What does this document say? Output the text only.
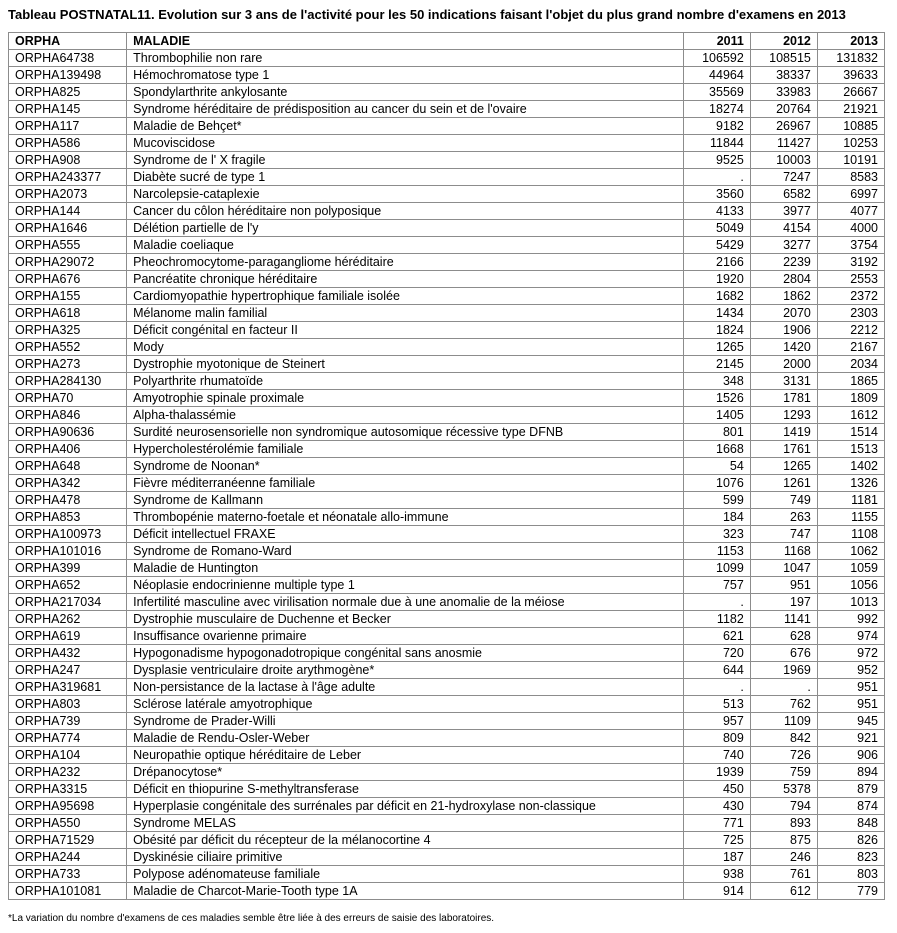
Tableau POSTNATAL11. Evolution sur 3 ans de l'activité pour les 50 indications faisant l'objet du plus grand nombre d'examens en 2013
ORPHA	MALADIE	2011	2012	2013
ORPHA64738	Thrombophilie non rare	106592	108515	131832
ORPHA139498	Hémochromatose type 1	44964	38337	39633
ORPHA825	Spondylarthrite ankylosante	35569	33983	26667
ORPHA145	Syndrome héréditaire de prédisposition au cancer du sein et de l'ovaire	18274	20764	21921
ORPHA117	Maladie de Behçet*	9182	26967	10885
ORPHA586	Mucoviscidose	11844	11427	10253
ORPHA908	Syndrome de l' X fragile	9525	10003	10191
ORPHA243377	Diabète sucré de type 1	.	7247	8583
ORPHA2073	Narcolepsie-cataplexie	3560	6582	6997
ORPHA144	Cancer du côlon héréditaire non polyposique	4133	3977	4077
ORPHA1646	Délétion partielle de l'y	5049	4154	4000
ORPHA555	Maladie coeliaque	5429	3277	3754
ORPHA29072	Pheochromocytome-paragangliome héréditaire	2166	2239	3192
ORPHA676	Pancréatite chronique héréditaire	1920	2804	2553
ORPHA155	Cardiomyopathie hypertrophique familiale isolée	1682	1862	2372
ORPHA618	Mélanome malin familial	1434	2070	2303
ORPHA325	Déficit congénital en facteur II	1824	1906	2212
ORPHA552	Mody	1265	1420	2167
ORPHA273	Dystrophie myotonique de Steinert	2145	2000	2034
ORPHA284130	Polyarthrite rhumatoïde	348	3131	1865
ORPHA70	Amyotrophie spinale proximale	1526	1781	1809
ORPHA846	Alpha-thalassémie	1405	1293	1612
ORPHA90636	Surdité neurosensorielle non syndromique autosomique récessive type DFNB	801	1419	1514
ORPHA406	Hypercholestérolémie familiale	1668	1761	1513
ORPHA648	Syndrome de Noonan*	54	1265	1402
ORPHA342	Fièvre méditerranéenne familiale	1076	1261	1326
ORPHA478	Syndrome de Kallmann	599	749	1181
ORPHA853	Thrombopénie materno-foetale et néonatale allo-immune	184	263	1155
ORPHA100973	Déficit intellectuel FRAXE	323	747	1108
ORPHA101016	Syndrome de Romano-Ward	1153	1168	1062
ORPHA399	Maladie de Huntington	1099	1047	1059
ORPHA652	Néoplasie endocrinienne multiple type 1	757	951	1056
ORPHA217034	Infertilité masculine avec virilisation normale due à une anomalie de la méiose	.	197	1013
ORPHA262	Dystrophie musculaire de Duchenne et Becker	1182	1141	992
ORPHA619	Insuffisance ovarienne primaire	621	628	974
ORPHA432	Hypogonadisme hypogonadotropique congénital sans anosmie	720	676	972
ORPHA247	Dysplasie ventriculaire droite arythmogène*	644	1969	952
ORPHA319681	Non-persistance de la lactase à l'âge adulte	.	.	951
ORPHA803	Sclérose latérale amyotrophique	513	762	951
ORPHA739	Syndrome de Prader-Willi	957	1109	945
ORPHA774	Maladie de Rendu-Osler-Weber	809	842	921
ORPHA104	Neuropathie optique héréditaire de Leber	740	726	906
ORPHA232	Drépanocytose*	1939	759	894
ORPHA3315	Déficit en thiopurine S-methyltransferase	450	5378	879
ORPHA95698	Hyperplasie congénitale des surrénales par déficit en 21-hydroxylase non-classique	430	794	874
ORPHA550	Syndrome MELAS	771	893	848
ORPHA71529	Obésité par déficit du récepteur de la mélanocortine 4	725	875	826
ORPHA244	Dyskinésie ciliaire primitive	187	246	823
ORPHA733	Polypose adénomateuse familiale	938	761	803
ORPHA101081	Maladie de Charcot-Marie-Tooth type 1A	914	612	779
*La variation du nombre d'examens de ces maladies semble être liée à des erreurs de saisie des laboratoires.
